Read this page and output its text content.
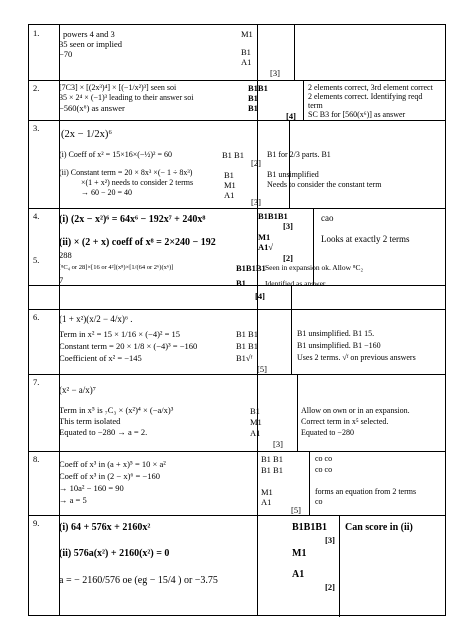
1.	powers 4 and 3
35 seen or implied
−70
M1
B1
A1
[3]
2. [7C3] × [(2x³)⁴] × [(−1/x²)³] seen soi
35 × 2⁴ × (−1)³ leading to their answer soi
−560(x⁶) as answer
B1B1
B1
B1
[4]
2 elements correct, 3rd element correct
2 elements correct. Identifying reqd
term
SC B3 for [560(x⁶)] as answer
3.
(2x − 1/2x)⁶
(i) Coeff of x² = 15×16×(−½)² = 60
(ii) Constant term = 20 × 8x³ ×(− 1 ÷ 8x³)
×(1 + x²) needs to consider 2 terms
→ 60 − 20 = 40
B1 B1
[2]
B1
M1
A1
[3]
B1 for 2/3 parts. B1
B1 unsimplified
Needs to consider the constant term
4. (i) (2x − x²)⁶ = 64x⁶ − 192x⁷ + 240x⁸
(ii) × (2 + x) coeff of x⁸ = 2×240 − 192
288
B1B1B1
[3]
M1
A1√
[2]
cao
Looks at exactly 2 terms
5.
[⁸C₄ or 28]×[16 or 4²](x⁸)×[1/(64 or 2⁶)(x⁶)]
7
B1B1B1
B1
[4]
Seen in expansion ok. Allow ⁸C₂
Identified as answer
6. (1 + x²)(x/2 − 4/x)⁶ .
Term in x² = 15 × 1/16 × (−4)² = 15
Constant term = 20 × 1/8 × (−4)³ = −160
Coefficient of x² = −145
B1 B1
B1 B1
B1√ᶠ
[5]
B1 unsimplified. B1 15.
B1 unsimplified. B1 −160
Uses 2 terms. √ᶠ on previous answers
7.
(x² − a/x)⁷
Term in x⁵ is ₇C₃ × (x²)⁴ × (−a/x)³
This term isolated
Equated to −280 → a = 2.
B1
M1
A1
[3]
Allow on own or in an expansion.
Correct term in x⁵ selected.
Equated to −280
8. Coeff of x³ in (a + x)⁵ = 10 × a²
Coeff of x³ in (2 − x)⁶ = −160
→ 10a² − 160 = 90
→ a = 5
B1 B1
B1 B1
M1
A1
[5]
co co
co co
forms an equation from 2 terms
co
9. (i) 64 + 576x + 2160x²
(ii) 576a(x²) + 2160(x²) = 0
a = − 2160/576 oe (eg − 15/4 ) or −3.75
B1B1B1
[3]
M1
A1
[2]
Can score in (ii)
